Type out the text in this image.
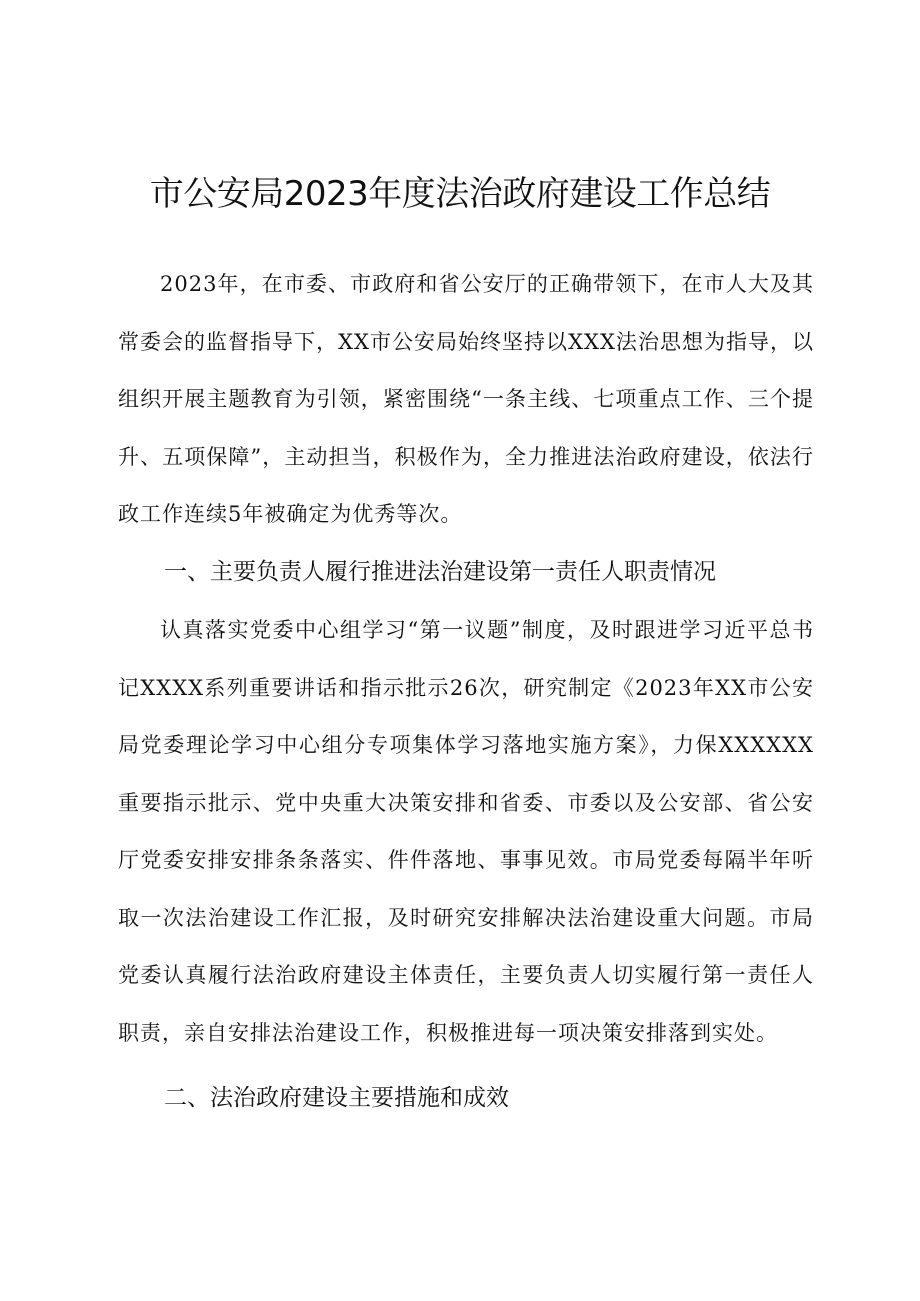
市公安局2023年度法治政府建设工作总结

2023年，在市委、市政府和省公安厅的正确带领下，在市人大及其常委会的监督指导下，XX市公安局始终坚持以XXX法治思想为指导，以组织开展主题教育为引领，紧密围绕“一条主线、七项重点工作、三个提升、五项保障”，主动担当，积极作为，全力推进法治政府建设，依法行政工作连续5年被确定为优秀等次。

一、主要负责人履行推进法治建设第一责任人职责情况

认真落实党委中心组学习“第一议题”制度，及时跟进学习近平总书记XXXX系列重要讲话和指示批示26次，研究制定《2023年XX市公安局党委理论学习中心组分专项集体学习落地实施方案》，力保XXXXXX重要指示批示、党中央重大决策安排和省委、市委以及公安部、省公安厅党委安排安排条条落实、件件落地、事事见效。市局党委每隔半年听取一次法治建设工作汇报，及时研究安排解决法治建设重大问题。市局党委认真履行法治政府建设主体责任，主要负责人切实履行第一责任人职责，亲自安排法治建设工作，积极推进每一项决策安排落到实处。

二、法治政府建设主要措施和成效
